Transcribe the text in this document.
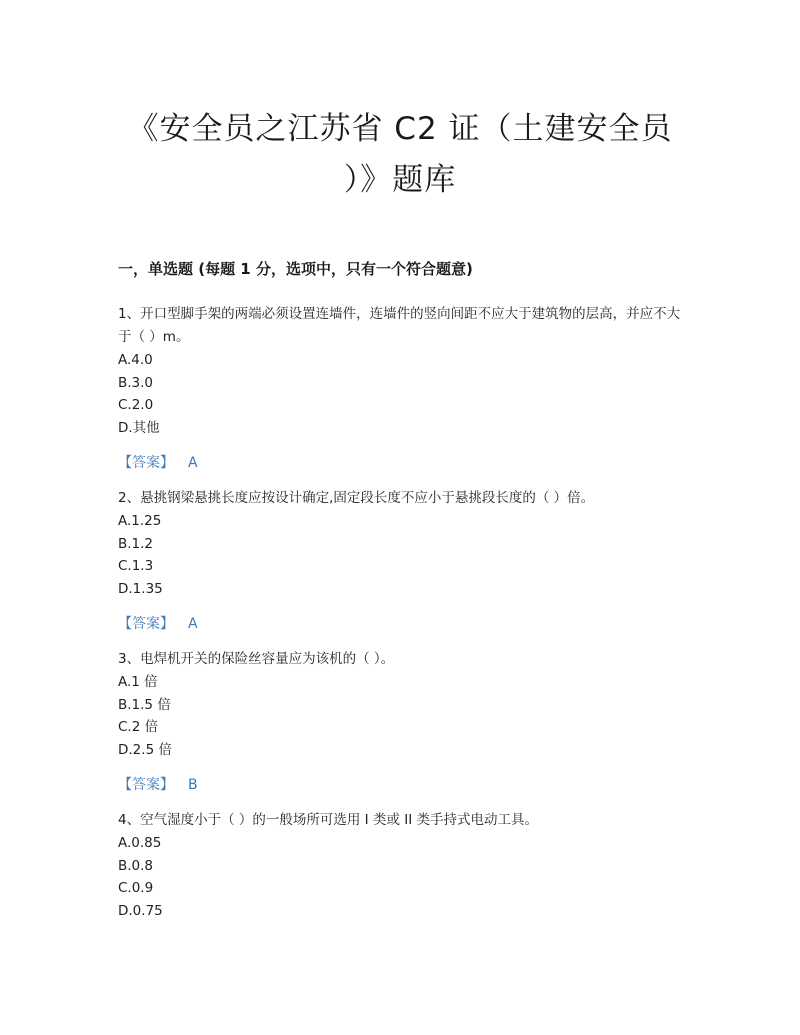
《安全员之江苏省 C2 证（土建安全员
）》题库
一，单选题 (每题 1 分，选项中，只有一个符合题意)
1、开口型脚手架的两端必须设置连墙件，连墙件的竖向间距不应大于建筑物的层高，并应不大于（ ）m。
A.4.0
B.3.0
C.2.0
D.其他
【答案】 A
2、悬挑钢梁悬挑长度应按设计确定,固定段长度不应小于悬挑段长度的（ ）倍。
A.1.25
B.1.2
C.1.3
D.1.35
【答案】 A
3、电焊机开关的保险丝容量应为该机的（ ）。
A.1 倍
B.1.5 倍
C.2 倍
D.2.5 倍
【答案】 B
4、空气湿度小于（ ）的一般场所可选用 I 类或 II 类手持式电动工具。
A.0.85
B.0.8
C.0.9
D.0.75
